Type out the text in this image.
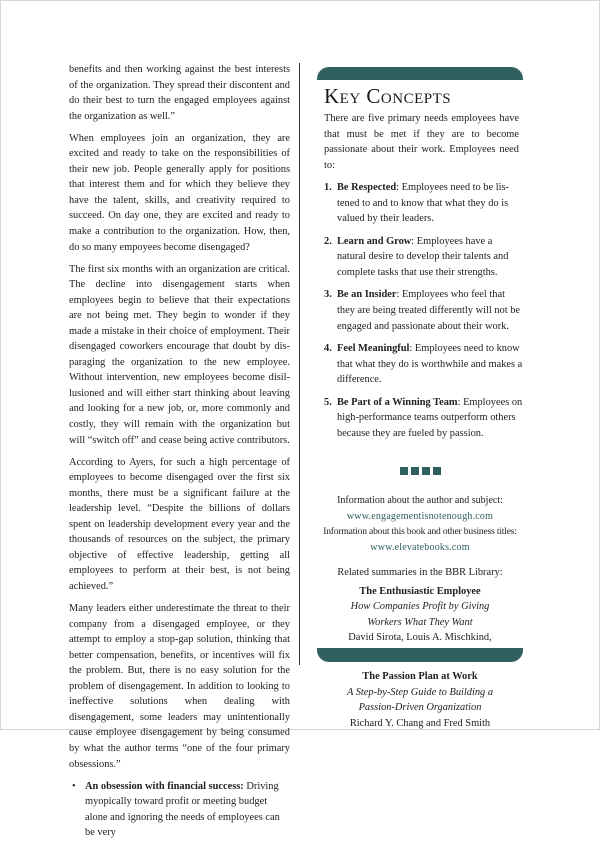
benefits and then working against the best interests of the organization. They spread their discontent and do their best to turn the engaged employees against the organization as well.”

When employees join an organization, they are excited and ready to take on the responsibilities of their new job. People generally apply for positions that interest them and for which they believe they have the talent, skills, and creativity required to succeed. On day one, they are excited and ready to make a contribution to the organization. How, then, do so many empoyees become disengaged?

The first six months with an organization are critical. The decline into disengagement starts when employees begin to believe that their expectations are not being met. They begin to wonder if they made a mistake in their choice of employment. Their disengaged coworkers encourage that doubt by disparaging the organization to the new employee. Without intervention, new employees become disillusioned and will either start thinking about leaving and looking for a new job, or, more commonly and costly, they will remain with the organization but will “switch off” and cease being active contributors.

According to Ayers, for such a high percentage of employees to become disengaged over the first six months, there must be a significant failure at the leadership level. “Despite the billions of dollars spent on leadership development every year and the thousands of resources on the subject, the primary objective of effective leadership, getting all employees to perform at their best, is not being achieved.”

Many leaders either underestimate the threat to their company from a disengaged employee, or they attempt to employ a stop-gap solution, thinking that better compensation, benefits, or incentives will fix the problem. But, there is no easy solution for the problem of disengagement. In addition to looking to ineffective solutions when dealing with disengagement, some leaders may unintentionally cause employee disengagement by being consumed by what the author terms “one of the four primary obsessions.”

• An obsession with financial success: Driving myopically toward profit or meeting budget alone and ignoring the needs of employees can be very
Key Concepts
There are five primary needs employees have that must be met if they are to become passionate about their work. Employees need to:
1. Be Respected: Employees need to be listened to and to know that what they do is valued by their leaders.
2. Learn and Grow: Employees have a natural desire to develop their talents and complete tasks that use their strengths.
3. Be an Insider: Employees who feel that they are being treated differently will not be engaged and passionate about their work.
4. Feel Meaningful: Employees need to know that what they do is worthwhile and makes a difference.
5. Be Part of a Winning Team: Employees on high-performance teams outperform others because they are fueled by passion.

Information about the author and subject:

www.engagementisnotenough.com

Information about this book and other business titles:

www.elevatebooks.com

Related summaries in the BBR Library:
The Enthusiastic Employee
How Companies Profit by Giving
Workers What They Want
David Sirota, Louis A. Mischkind,
The Passion Plan at Work
A Step-by-Step Guide to Building a
Passion-Driven Organization
Richard Y. Chang and Fred Smith
